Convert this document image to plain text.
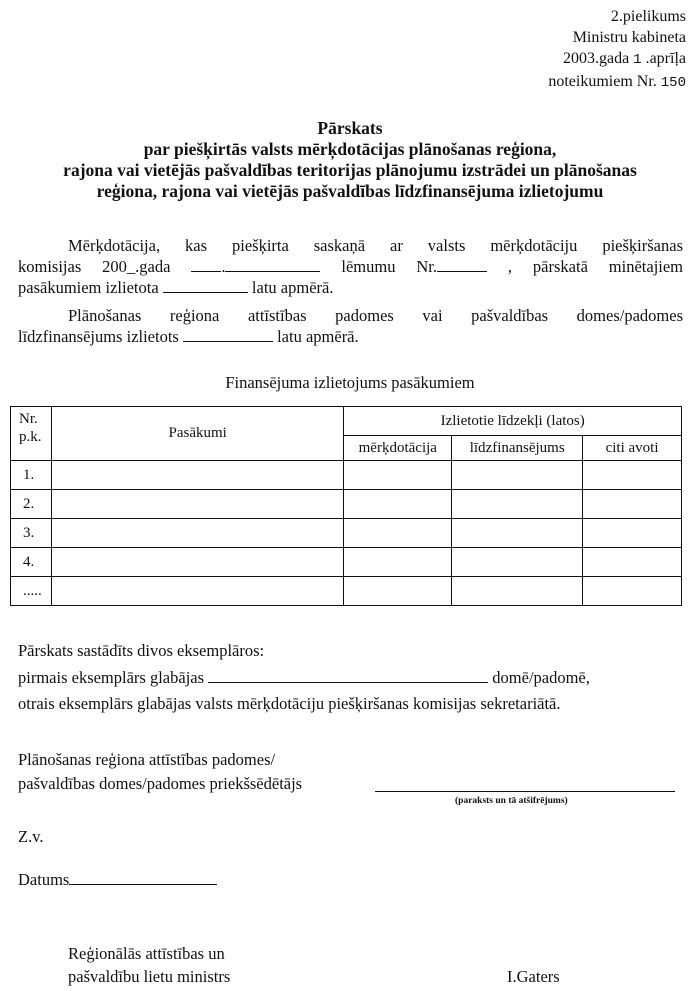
2.pielikums
Ministru kabineta
2003.gada 1 .aprīļa
noteikumiem Nr. 150
Pārskats
par piešķirtās valsts mērķdotācijas plānošanas reģiona,
rajona vai vietējās pašvaldības teritorijas plānojumu izstrādei un plānošanas
reģiona, rajona vai vietējās pašvaldības līdzfinansējuma izlietojumu
Mērķdotācija, kas piešķirta saskaņā ar valsts mērķdotāciju piešķiršanas
komisijas 200_.gada	.	lēmumu Nr.	, pārskatā minētajiem
pasākumiem izlietota	latu apmērā.
Plānošanas reģiona attīstības padomes vai pašvaldības domes/padomes
līdzfinansējums izlietots	latu apmērā.
Finansējuma izlietojums pasākumiem
Nr. p.k.	Pasākumi	Izlietotie līdzekļi (latos)		
		mērķdotācija	līdzfinansējums	citi avoti
1.				
2.				
3.				
4.				
.....				
Pārskats sastādīts divos eksemplāros:
pirmais eksemplārs glabājas	domē/padomē,
otrais eksemplārs glabājas valsts mērķdotāciju piešķiršanas komisijas sekretariātā.
Plānošanas reģiona attīstības padomes/
pašvaldības domes/padomes priekšsēdētājs
(paraksts un tā atšifrējums)
Z.v.
Datums
Reģionālās attīstības un
pašvaldību lietu ministrs	I.Gaters
